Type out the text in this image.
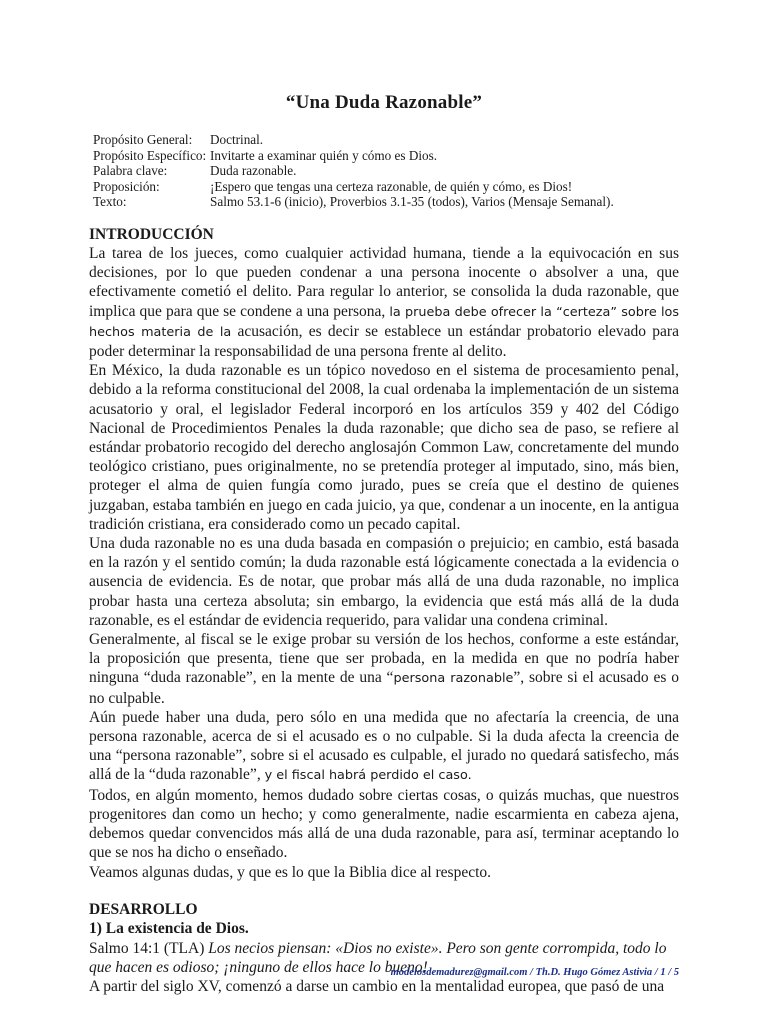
“Una Duda Razonable”
Propósito General:	Doctrinal.
Propósito Específico:	Invitarte a examinar quién y cómo es Dios.
Palabra clave:	Duda razonable.
Proposición:	¡Espero que tengas una certeza razonable, de quién y cómo, es Dios!
Texto:	Salmo 53.1-6 (inicio), Proverbios 3.1-35 (todos), Varios (Mensaje Semanal).
INTRODUCCIÓN

La tarea de los jueces, como cualquier actividad humana, tiende a la equivocación en sus decisiones, por lo que pueden condenar a una persona inocente o absolver a una, que efectivamente cometió el delito. Para regular lo anterior, se consolida la duda razonable, que implica que para que se condene a una persona, la prueba debe ofrecer la “certeza” sobre los hechos materia de la acusación, es decir se establece un estándar probatorio elevado para poder determinar la responsabilidad de una persona frente al delito.

En México, la duda razonable es un tópico novedoso en el sistema de procesamiento penal, debido a la reforma constitucional del 2008, la cual ordenaba la implementación de un sistema acusatorio y oral, el legislador Federal incorporó en los artículos 359 y 402 del Código Nacional de Procedimientos Penales la duda razonable; que dicho sea de paso, se refiere al estándar probatorio recogido del derecho anglosajón Common Law, concretamente del mundo teológico cristiano, pues originalmente, no se pretendía proteger al imputado, sino, más bien, proteger el alma de quien fungía como jurado, pues se creía que el destino de quienes juzgaban, estaba también en juego en cada juicio, ya que, condenar a un inocente, en la antigua tradición cristiana, era considerado como un pecado capital.

Una duda razonable no es una duda basada en compasión o prejuicio; en cambio, está basada en la razón y el sentido común; la duda razonable está lógicamente conectada a la evidencia o ausencia de evidencia. Es de notar, que probar más allá de una duda razonable, no implica probar hasta una certeza absoluta; sin embargo, la evidencia que está más allá de la duda razonable, es el estándar de evidencia requerido, para validar una condena criminal.

Generalmente, al fiscal se le exige probar su versión de los hechos, conforme a este estándar, la proposición que presenta, tiene que ser probada, en la medida en que no podría haber ninguna “duda razonable”, en la mente de una “persona razonable”, sobre si el acusado es o no culpable.

Aún puede haber una duda, pero sólo en una medida que no afectaría la creencia, de una persona razonable, acerca de si el acusado es o no culpable. Si la duda afecta la creencia de una “persona razonable”, sobre si el acusado es culpable, el jurado no quedará satisfecho, más allá de la “duda razonable”, y el fiscal habrá perdido el caso.

Todos, en algún momento, hemos dudado sobre ciertas cosas, o quizás muchas, que nuestros progenitores dan como un hecho; y como generalmente, nadie escarmienta en cabeza ajena, debemos quedar convencidos más allá de una duda razonable, para así, terminar aceptando lo que se nos ha dicho o enseñado.

Veamos algunas dudas, y que es lo que la Biblia dice al respecto.

DESARROLLO
1) La existencia de Dios.

Salmo 14:1 (TLA) Los necios piensan: «Dios no existe». Pero son gente corrompida, todo lo que hacen es odioso; ¡ninguno de ellos hace lo bueno!

A partir del siglo XV, comenzó a darse un cambio en la mentalidad europea, que pasó de una

modelosdemadurez@gmail.com / Th.D. Hugo Gómez Astivia / 1 / 5
